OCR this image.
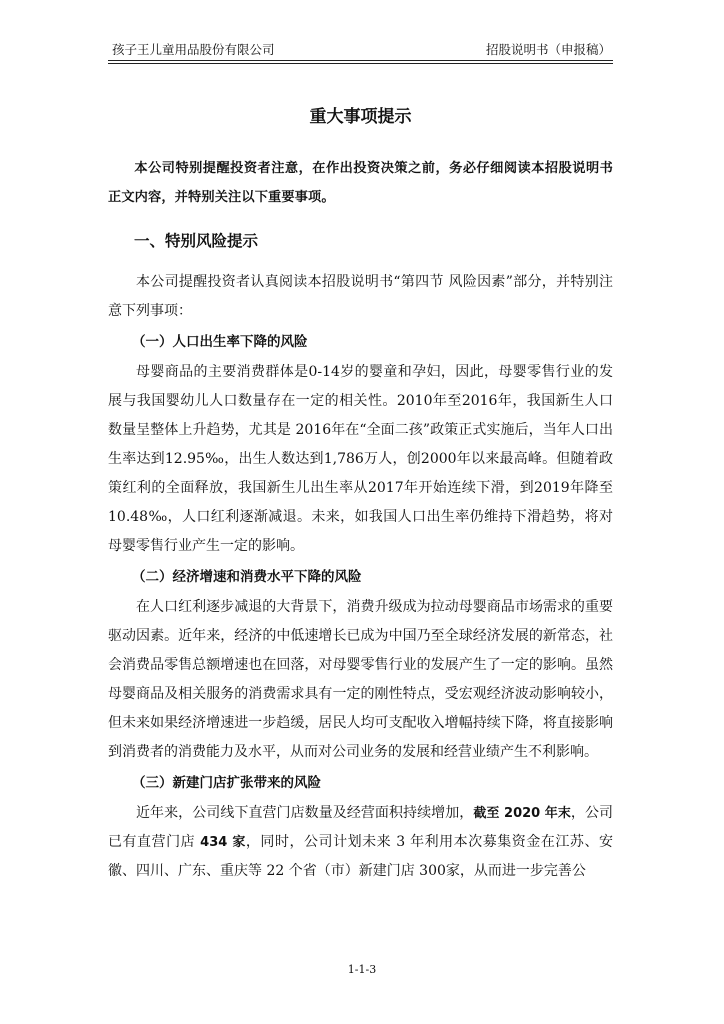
孩子王儿童用品股份有限公司	招股说明书（申报稿）
重大事项提示

本公司特别提醒投资者注意，在作出投资决策之前，务必仔细阅读本招股说明书正文内容，并特别关注以下重要事项。

一、特别风险提示

本公司提醒投资者认真阅读本招股说明书“第四节 风险因素”部分，并特别注意下列事项：

（一）人口出生率下降的风险

母婴商品的主要消费群体是0-14岁的婴童和孕妇，因此，母婴零售行业的发展与我国婴幼儿人口数量存在一定的相关性。2010年至2016年，我国新生人口数量呈整体上升趋势，尤其是 2016年在“全面二孩”政策正式实施后，当年人口出生率达到12.95‰，出生人数达到1,786万人，创2000年以来最高峰。但随着政策红利的全面释放，我国新生儿出生率从2017年开始连续下滑，到2019年降至10.48‰，人口红利逐渐减退。未来，如我国人口出生率仍维持下滑趋势，将对母婴零售行业产生一定的影响。

（二）经济增速和消费水平下降的风险

在人口红利逐步减退的大背景下，消费升级成为拉动母婴商品市场需求的重要驱动因素。近年来，经济的中低速增长已成为中国乃至全球经济发展的新常态，社会消费品零售总额增速也在回落，对母婴零售行业的发展产生了一定的影响。虽然母婴商品及相关服务的消费需求具有一定的刚性特点，受宏观经济波动影响较小，但未来如果经济增速进一步趋缓，居民人均可支配收入增幅持续下降，将直接影响到消费者的消费能力及水平，从而对公司业务的发展和经营业绩产生不利影响。

（三）新建门店扩张带来的风险

近年来，公司线下直营门店数量及经营面积持续增加，截至 2020 年末，公司已有直营门店 434 家，同时，公司计划未来 3 年利用本次募集资金在江苏、安徽、四川、广东、重庆等 22 个省（市）新建门店 300家，从而进一步完善公

1-1-3
